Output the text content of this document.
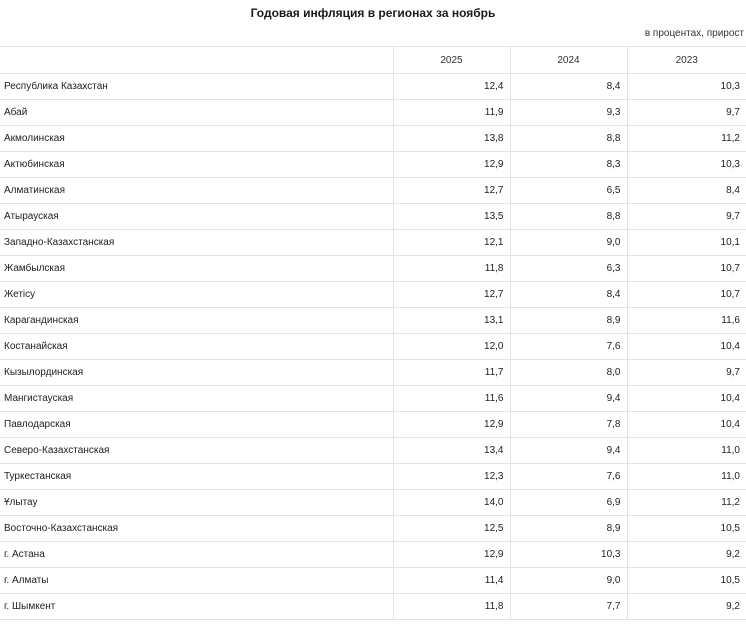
Годовая инфляция в регионах за ноябрь
в процентах, прирост
	2025	2024	2023
Республика Казахстан	12,4	8,4	10,3
Абай	11,9	9,3	9,7
Акмолинская	13,8	8,8	11,2
Актюбинская	12,9	8,3	10,3
Алматинская	12,7	6,5	8,4
Атырауская	13,5	8,8	9,7
Западно-Казахстанская	12,1	9,0	10,1
Жамбылская	11,8	6,3	10,7
Жетісу	12,7	8,4	10,7
Карагандинская	13,1	8,9	11,6
Костанайская	12,0	7,6	10,4
Кызылординская	11,7	8,0	9,7
Мангистауская	11,6	9,4	10,4
Павлодарская	12,9	7,8	10,4
Северо-Казахстанская	13,4	9,4	11,0
Туркестанская	12,3	7,6	11,0
Ұлытау	14,0	6,9	11,2
Восточно-Казахстанская	12,5	8,9	10,5
г. Астана	12,9	10,3	9,2
г. Алматы	11,4	9,0	10,5
г. Шымкент	11,8	7,7	9,2
